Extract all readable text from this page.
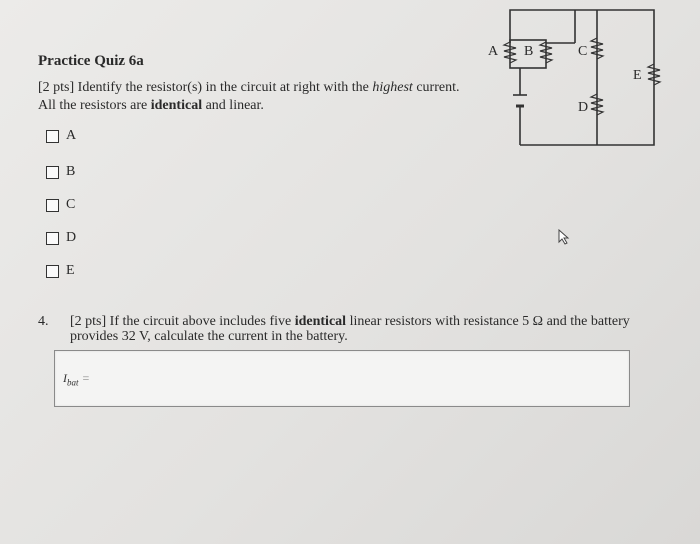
Practice Quiz 6a
[2 pts] Identify the resistor(s) in the circuit at right with the highest current. All the resistors are identical and linear.
A
B
C
D
E
A B	C
D
E
4. [2 pts] If the circuit above includes five identical linear resistors with resistance 5 Ω and the battery provides 32 V, calculate the current in the battery.
$I_{bat}$ =
